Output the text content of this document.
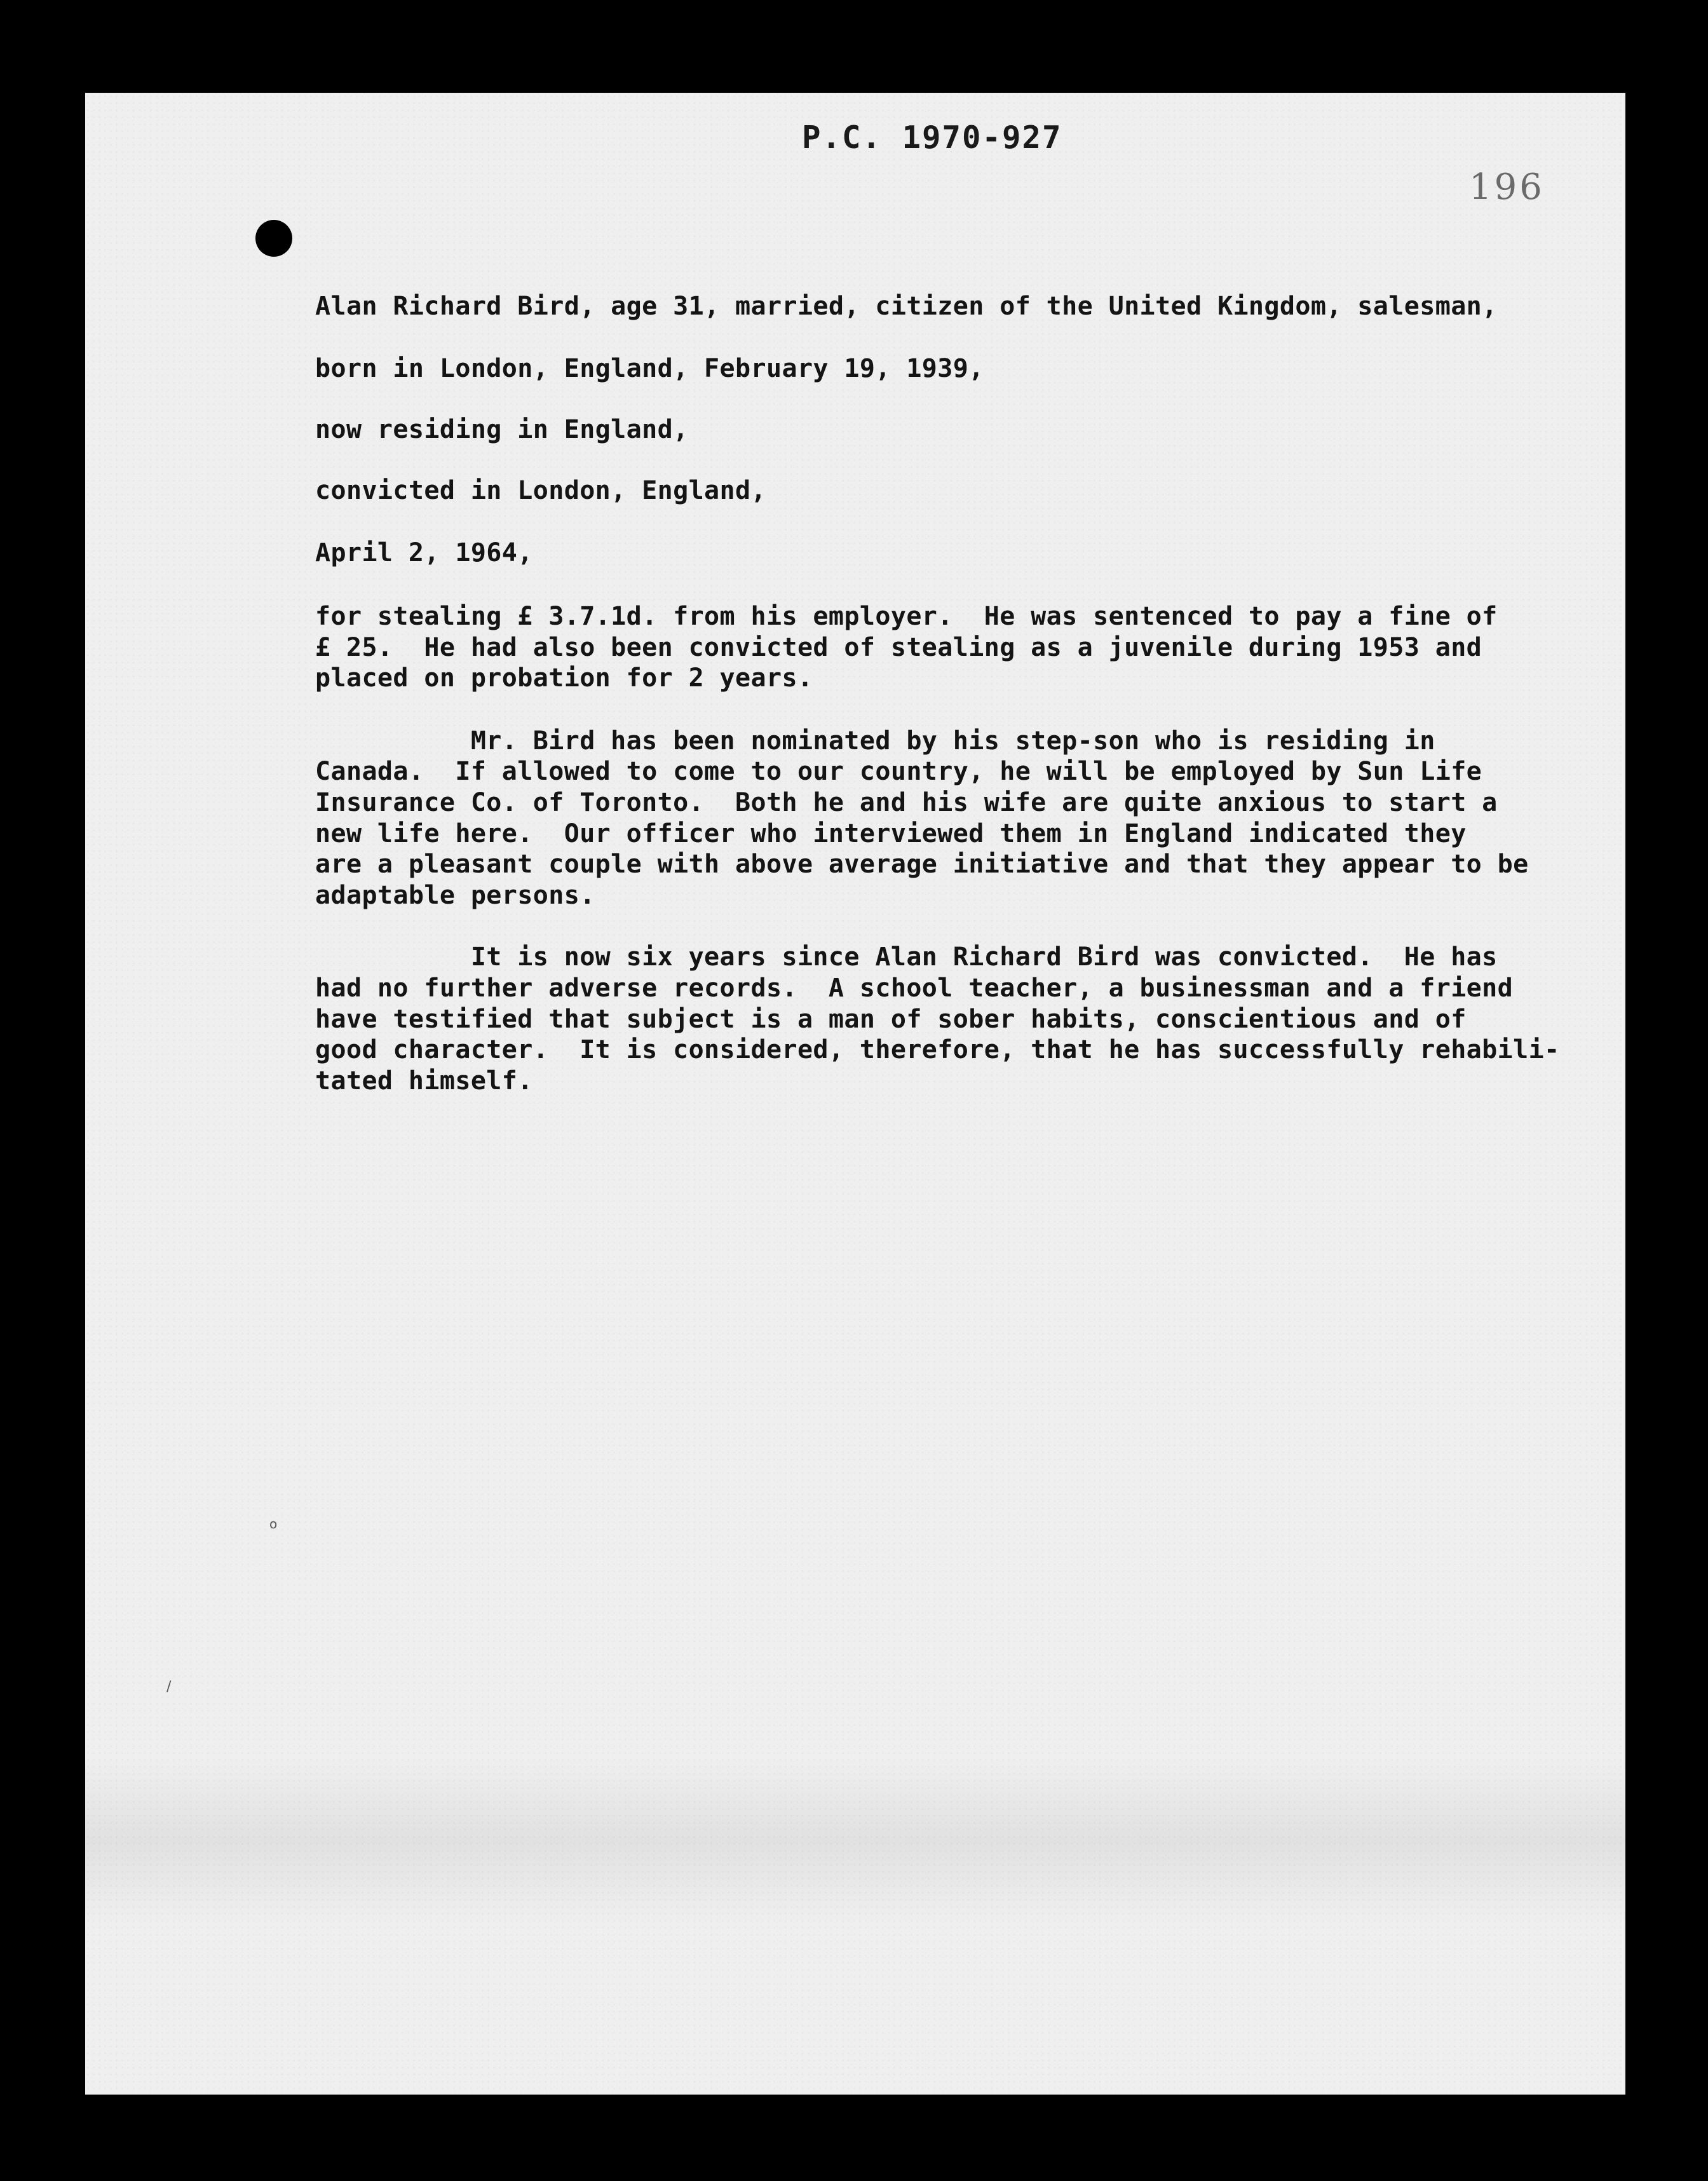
P.C. 1970-927
196
Alan Richard Bird, age 31, married, citizen of the United Kingdom, salesman,
born in London, England, February 19, 1939,
now residing in England,
convicted in London, England,
April 2, 1964,
for stealing £ 3.7.1d. from his employer.  He was sentenced to pay a fine of
£ 25.  He had also been convicted of stealing as a juvenile during 1953 and
placed on probation for 2 years.
Mr. Bird has been nominated by his step-son who is residing in
Canada.  If allowed to come to our country, he will be employed by Sun Life
Insurance Co. of Toronto.  Both he and his wife are quite anxious to start a
new life here.  Our officer who interviewed them in England indicated they
are a pleasant couple with above average initiative and that they appear to be
adaptable persons.
It is now six years since Alan Richard Bird was convicted.  He has
had no further adverse records.  A school teacher, a businessman and a friend
have testified that subject is a man of sober habits, conscientious and of
good character.  It is considered, therefore, that he has successfully rehabili-
tated himself.
o
/
